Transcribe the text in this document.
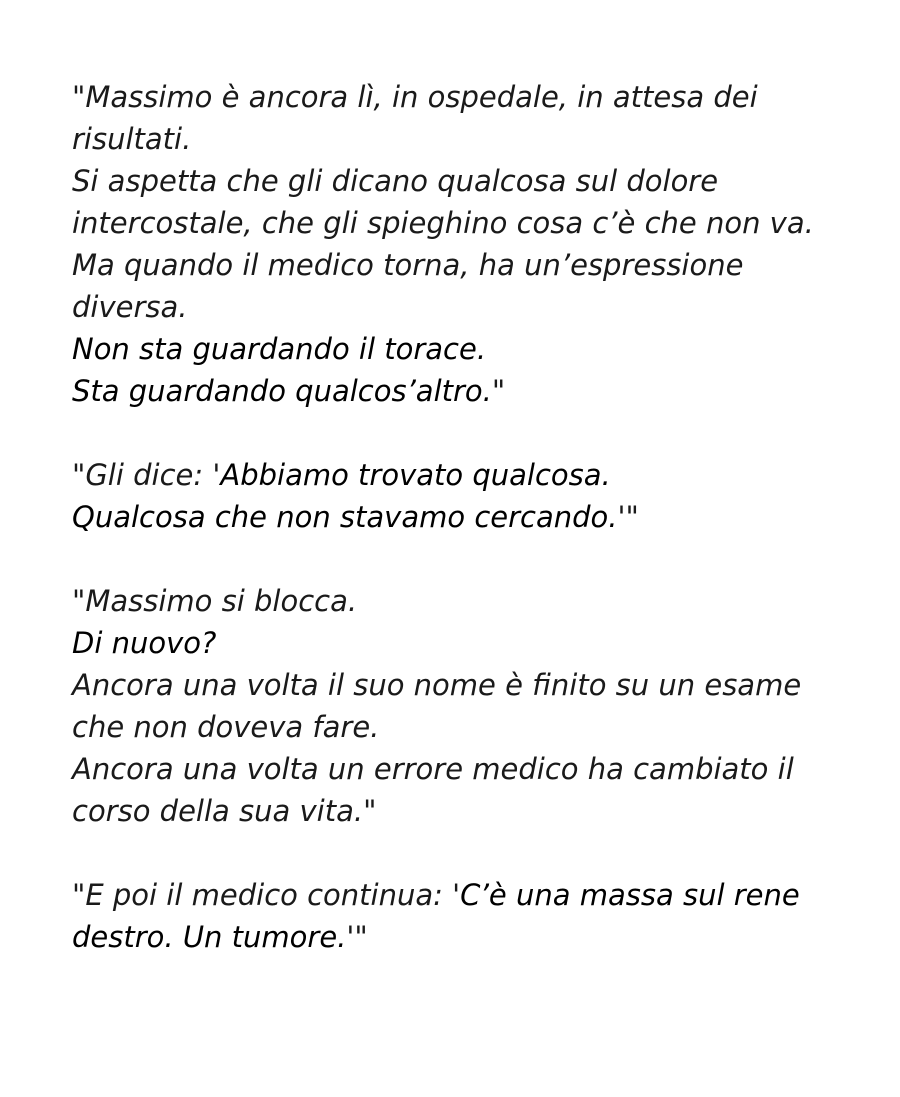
"Massimo è ancora lì, in ospedale, in attesa dei
risultati.
Si aspetta che gli dicano qualcosa sul dolore
intercostale, che gli spieghino cosa c’è che non va.
Ma quando il medico torna, ha un’espressione
diversa.
Non sta guardando il torace.
Sta guardando qualcos’altro."

"Gli dice: 'Abbiamo trovato qualcosa.
Qualcosa che non stavamo cercando.'"

"Massimo si blocca.
Di nuovo?
Ancora una volta il suo nome è finito su un esame
che non doveva fare.
Ancora una volta un errore medico ha cambiato il
corso della sua vita."

"E poi il medico continua: 'C’è una massa sul rene
destro. Un tumore.'"
